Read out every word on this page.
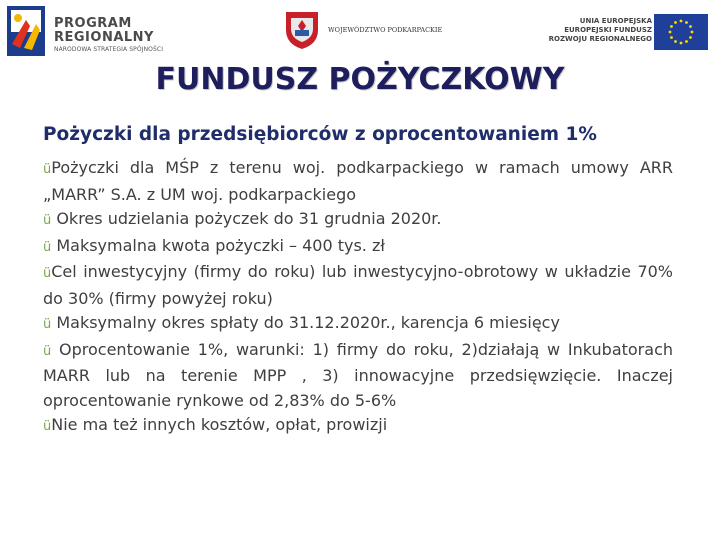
PROGRAM
REGIONALNY
NARODOWA STRATEGIA SPÓJNOŚCI
WOJEWÓDZTWO PODKARPACKIE
UNIA EUROPEJSKA
EUROPEJSKI FUNDUSZ
ROZWOJU REGIONALNEGO
FUNDUSZ POŻYCZKOWY
Pożyczki dla przedsiębiorców z oprocentowaniem 1%

üPożyczki dla MŚP z terenu woj. podkarpackiego w ramach umowy ARR „MARR” S.A. z UM woj. podkarpackiego

ü Okres udzielania pożyczek do 31 grudnia 2020r.

ü Maksymalna kwota pożyczki – 400 tys. zł

üCel inwestycyjny (firmy do roku) lub inwestycyjno-obrotowy w układzie 70% do 30% (firmy powyżej roku)

ü Maksymalny okres spłaty do 31.12.2020r., karencja 6 miesięcy

ü Oprocentowanie 1%, warunki: 1) firmy do roku, 2)działają w Inkubatorach MARR lub na terenie MPP , 3) innowacyjne przedsięwzięcie. Inaczej oprocentowanie rynkowe od 2,83% do 5-6%

üNie ma też innych kosztów, opłat, prowizji
